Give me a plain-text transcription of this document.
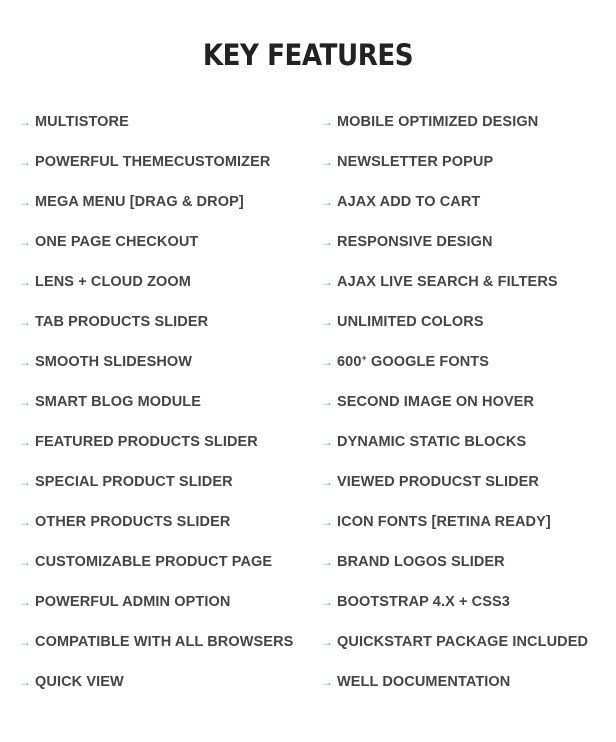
KEY FEATURES
→ MULTISTORE
→ POWERFUL THEMECUSTOMIZER
→ MEGA MENU [DRAG & DROP]
→ ONE PAGE CHECKOUT
→ LENS + CLOUD ZOOM
→ TAB PRODUCTS SLIDER
→ SMOOTH SLIDESHOW
→ SMART BLOG MODULE
→ FEATURED PRODUCTS SLIDER
→ SPECIAL PRODUCT SLIDER
→ OTHER PRODUCTS SLIDER
→ CUSTOMIZABLE PRODUCT PAGE
→ POWERFUL ADMIN OPTION
→ COMPATIBLE WITH ALL BROWSERS
→ QUICK VIEW
→ MOBILE OPTIMIZED DESIGN
→ NEWSLETTER POPUP
→ AJAX ADD TO CART
→ RESPONSIVE DESIGN
→ AJAX LIVE SEARCH & FILTERS
→ UNLIMITED COLORS
→ 600+ GOOGLE FONTS
→ SECOND IMAGE ON HOVER
→ DYNAMIC STATIC BLOCKS
→ VIEWED PRODUCST SLIDER
→ ICON FONTS [RETINA READY]
→ BRAND LOGOS SLIDER
→ BOOTSTRAP 4.X + CSS3
→ QUICKSTART PACKAGE INCLUDED
→ WELL DOCUMENTATION
